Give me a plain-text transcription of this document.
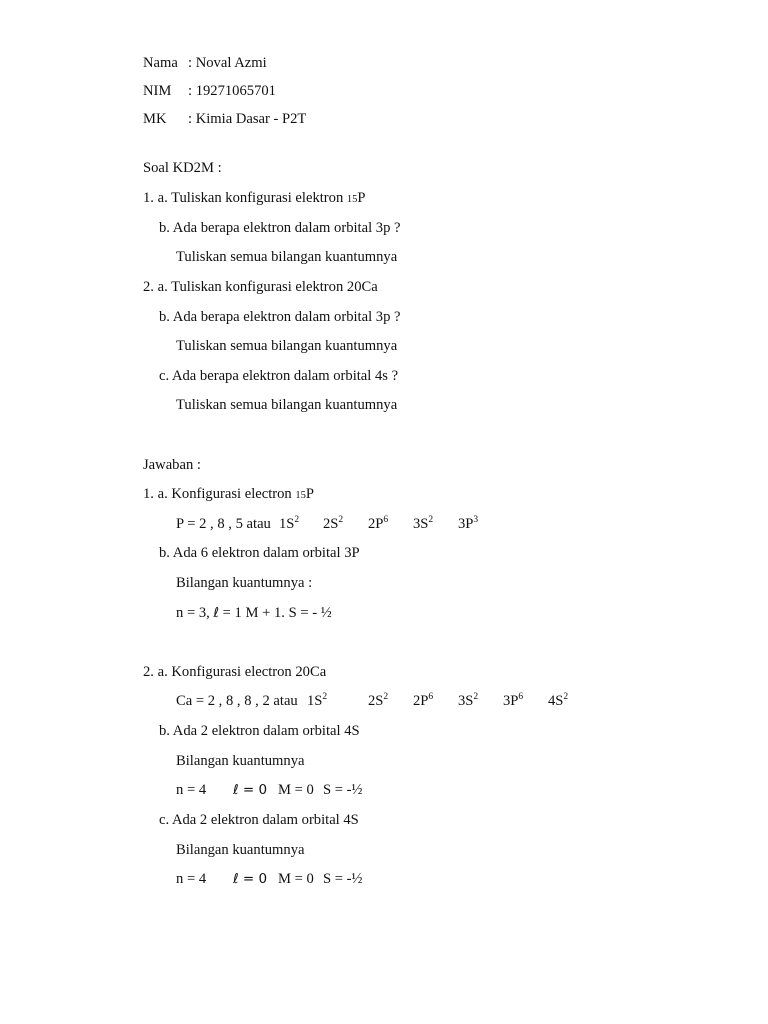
Nama : Noval Azmi
NIM : 19271065701
MK : Kimia Dasar - P2T
Soal KD2M :
1. a. Tuliskan konfigurasi elektron 15P
b. Ada berapa elektron dalam orbital 3p ?
Tuliskan semua bilangan kuantumnya
2. a. Tuliskan konfigurasi elektron 20Ca
b. Ada berapa elektron dalam orbital 3p ?
Tuliskan semua bilangan kuantumnya
c. Ada berapa elektron dalam orbital 4s ?
Tuliskan semua bilangan kuantumnya
Jawaban :
1. a. Konfigurasi electron 15P
P = 2 , 8 , 5 atau $1S^2$ $2S^2$ $2P^6$ $3S^2$ $3P^3$
b. Ada 6 elektron dalam orbital 3P
Bilangan kuantumnya :
n = 3, ℓ = 1 M + 1. S = - ½
2. a. Konfigurasi electron 20Ca
Ca = 2 , 8 , 8 , 2 atau $1S^2$	$2S^2$ $2P^6$ $3S^2$ $3P^6$ $4S^2$
b. Ada 2 elektron dalam orbital 4S
Bilangan kuantumnya
n = 4 ℓ = 0 M = 0 S = -½
c. Ada 2 elektron dalam orbital 4S
Bilangan kuantumnya
n = 4 ℓ = 0 M = 0 S = -½
